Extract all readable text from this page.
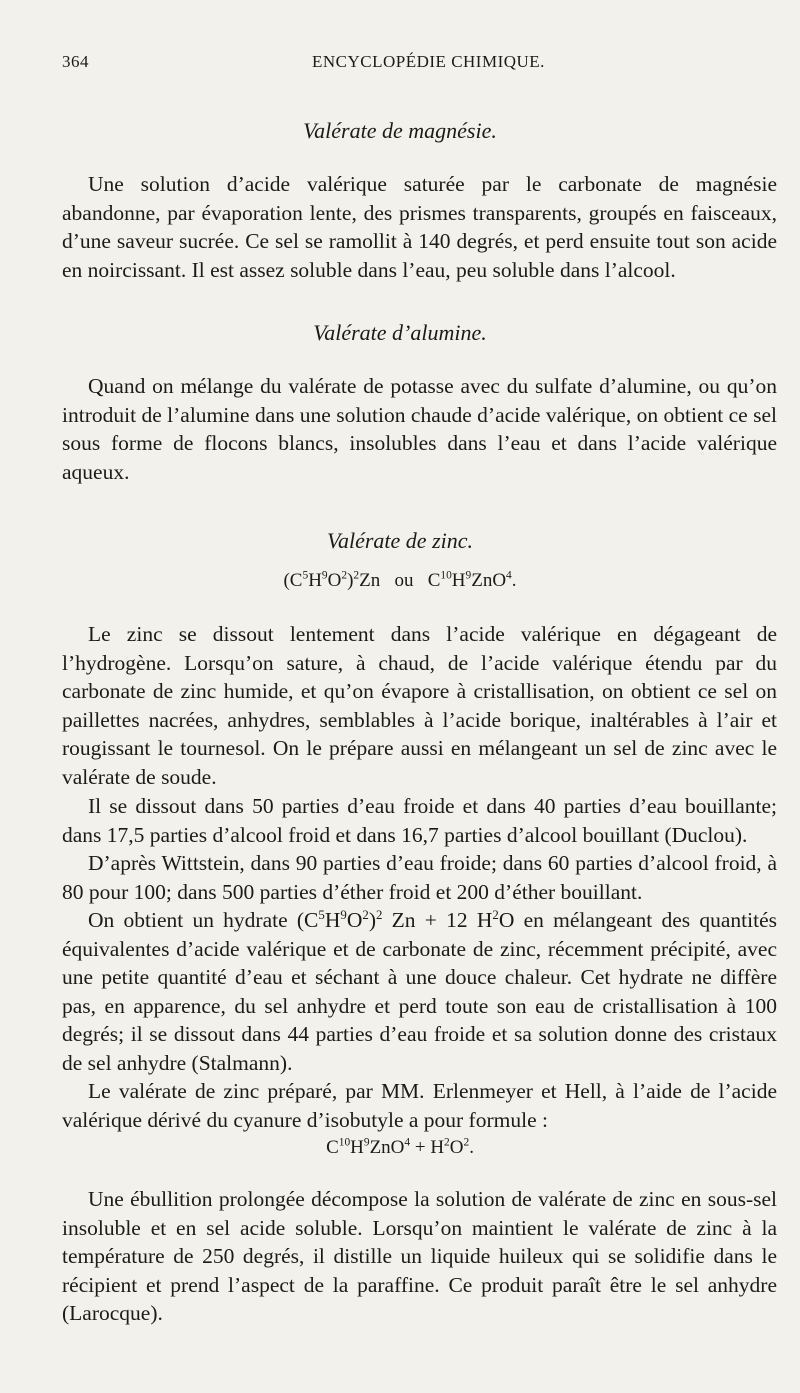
364	ENCYCLOPÉDIE CHIMIQUE.
Valérate de magnésie.

Une solution d’acide valérique saturée par le carbonate de magnésie abandonne, par évaporation lente, des prismes transparents, groupés en faisceaux, d’une saveur sucrée. Ce sel se ramollit à 140 degrés, et perd ensuite tout son acide en noircissant. Il est assez soluble dans l’eau, peu soluble dans l’alcool.

Valérate d’alumine.

Quand on mélange du valérate de potasse avec du sulfate d’alumine, ou qu’on introduit de l’alumine dans une solution chaude d’acide valérique, on obtient ce sel sous forme de flocons blancs, insolubles dans l’eau et dans l’acide valérique aqueux.

Valérate de zinc.
$(C^5H^9O^2)^2Zn$   ou   $C^{10}H^9ZnO^4$.

Le zinc se dissout lentement dans l’acide valérique en dégageant de l’hydrogène. Lorsqu’on sature, à chaud, de l’acide valérique étendu par du carbonate de zinc humide, et qu’on évapore à cristallisation, on obtient ce sel on paillettes nacrées, anhydres, semblables à l’acide borique, inaltérables à l’air et rougissant le tournesol. On le prépare aussi en mélangeant un sel de zinc avec le valérate de soude.

Il se dissout dans 50 parties d’eau froide et dans 40 parties d’eau bouillante; dans 17,5 parties d’alcool froid et dans 16,7 parties d’alcool bouillant (Duclou).

D’après Wittstein, dans 90 parties d’eau froide; dans 60 parties d’alcool froid, à 80 pour 100; dans 500 parties d’éther froid et 200 d’éther bouillant.

On obtient un hydrate $(C^5H^9O^2)^2$ Zn + 12 $H^2O$ en mélangeant des quantités équivalentes d’acide valérique et de carbonate de zinc, récemment précipité, avec une petite quantité d’eau et séchant à une douce chaleur. Cet hydrate ne diffère pas, en apparence, du sel anhydre et perd toute son eau de cristallisation à 100 degrés; il se dissout dans 44 parties d’eau froide et sa solution donne des cristaux de sel anhydre (Stalmann).

Le valérate de zinc préparé, par MM. Erlenmeyer et Hell, à l’aide de l’acide valérique dérivé du cyanure d’isobutyle a pour formule :

$C^{10}H^9ZnO^4 + H^2O^2$.

Une ébullition prolongée décompose la solution de valérate de zinc en sous-sel insoluble et en sel acide soluble. Lorsqu’on maintient le valérate de zinc à la température de 250 degrés, il distille un liquide huileux qui se solidifie dans le récipient et prend l’aspect de la paraffine. Ce produit paraît être le sel anhydre (Larocque).
